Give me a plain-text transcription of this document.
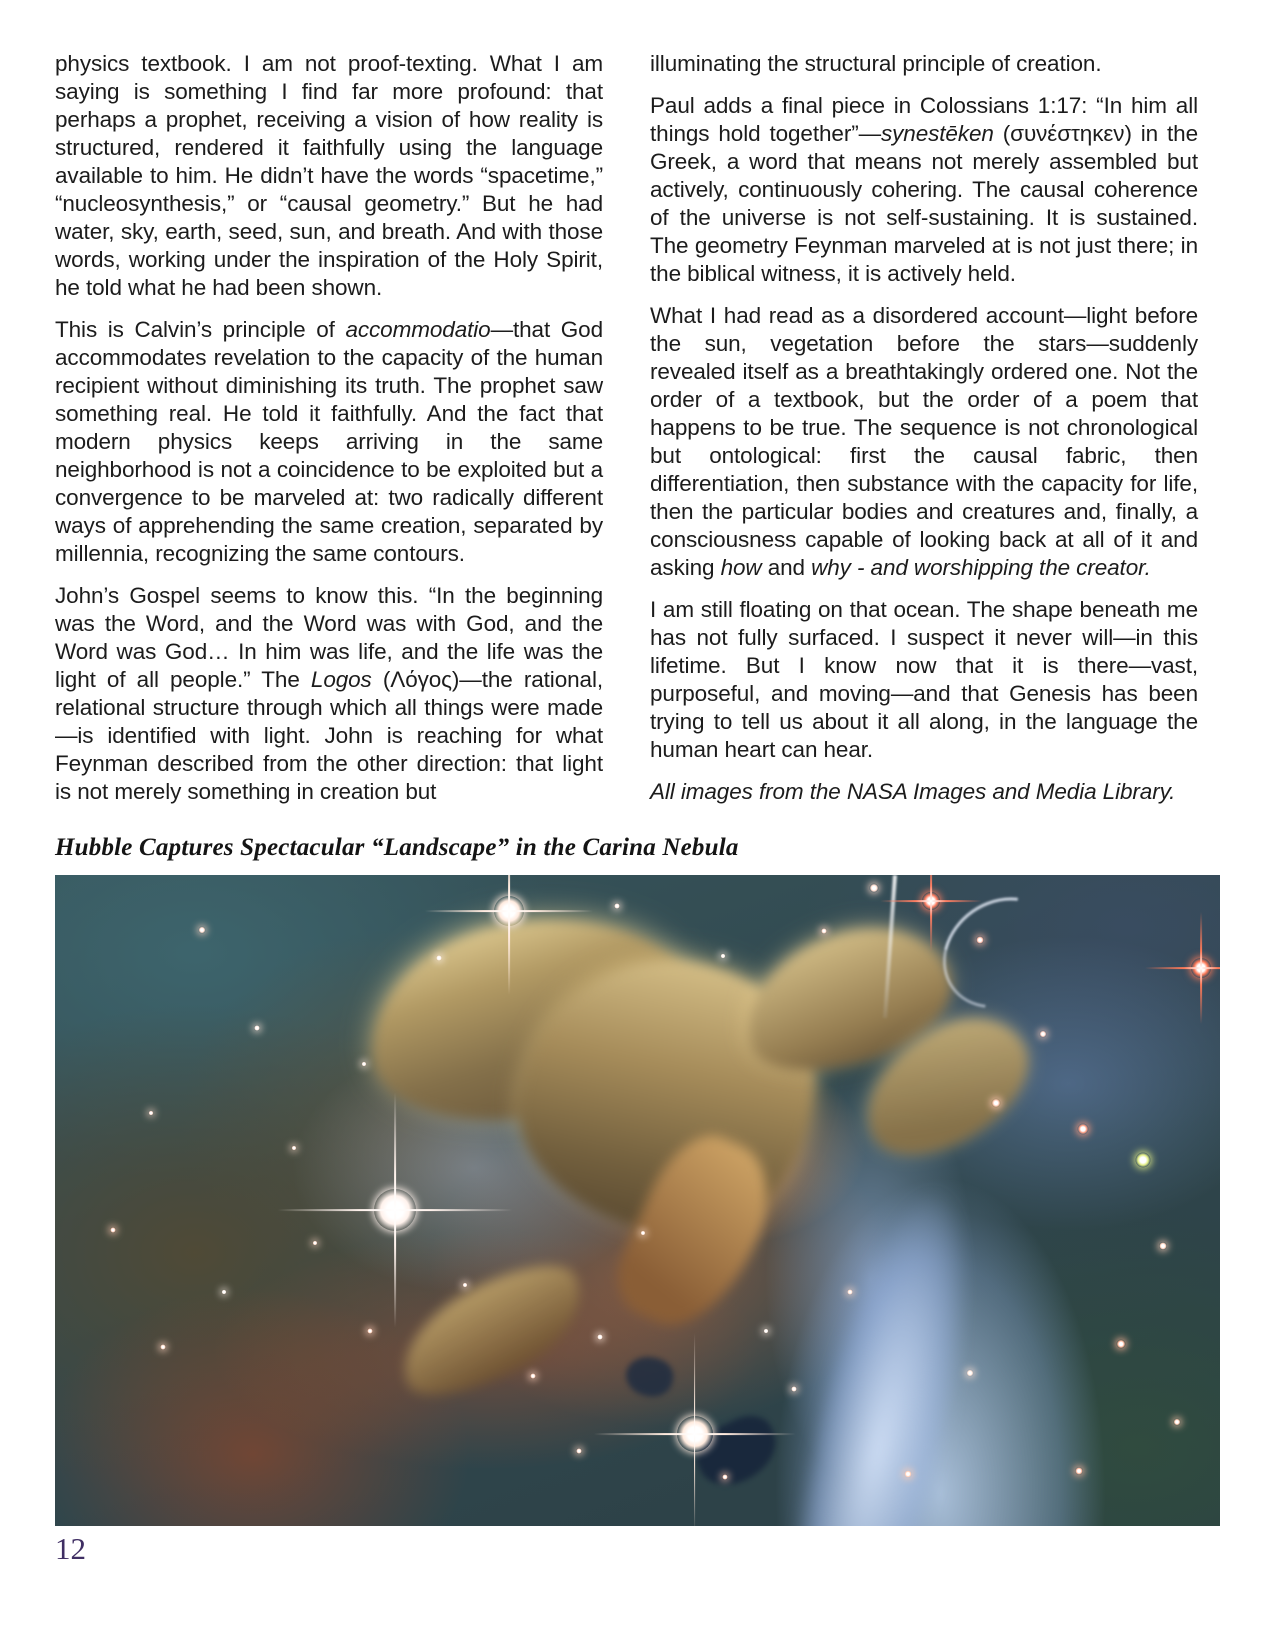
physics textbook. I am not proof-texting. What I am saying is something I find far more profound: that perhaps a prophet, receiving a vision of how reality is structured, rendered it faithfully using the language available to him. He didn’t have the words “spacetime,” “nucleosynthesis,” or “causal geometry.” But he had water, sky, earth, seed, sun, and breath. And with those words, working under the inspiration of the Holy Spirit, he told what he had been shown.

This is Calvin’s principle of accommodatio—that God accommodates revelation to the capacity of the human recipient without diminishing its truth. The prophet saw something real. He told it faithfully. And the fact that modern physics keeps arriving in the same neighborhood is not a coincidence to be exploited but a convergence to be marveled at: two radically different ways of apprehending the same creation, separated by millennia, recognizing the same contours.

John’s Gospel seems to know this. “In the beginning was the Word, and the Word was with God, and the Word was God… In him was life, and the life was the light of all people.” The Logos (Λόγος)—the rational, relational structure through which all things were made—is identified with light. John is reaching for what Feynman described from the other direction: that light is not merely something in creation but

illuminating the structural principle of creation.

Paul adds a final piece in Colossians 1:17: “In him all things hold together”—synestēken (συνέστηκεν) in the Greek, a word that means not merely assembled but actively, continuously cohering. The causal coherence of the universe is not self-sustaining. It is sustained. The geometry Feynman marveled at is not just there; in the biblical witness, it is actively held.

What I had read as a disordered account—light before the sun, vegetation before the stars—suddenly revealed itself as a breathtakingly ordered one. Not the order of a textbook, but the order of a poem that happens to be true. The sequence is not chronological but ontological: first the causal fabric, then differentiation, then substance with the capacity for life, then the particular bodies and creatures and, finally, a consciousness capable of looking back at all of it and asking how and why - and worshipping the creator.

I am still floating on that ocean. The shape beneath me has not fully surfaced. I suspect it never will—in this lifetime. But I know now that it is there—vast, purposeful, and moving—and that Genesis has been trying to tell us about it all along, in the language the human heart can hear.

All images from the NASA Images and Media Library.

Hubble Captures Spectacular “Landscape” in the Carina Nebula
12
